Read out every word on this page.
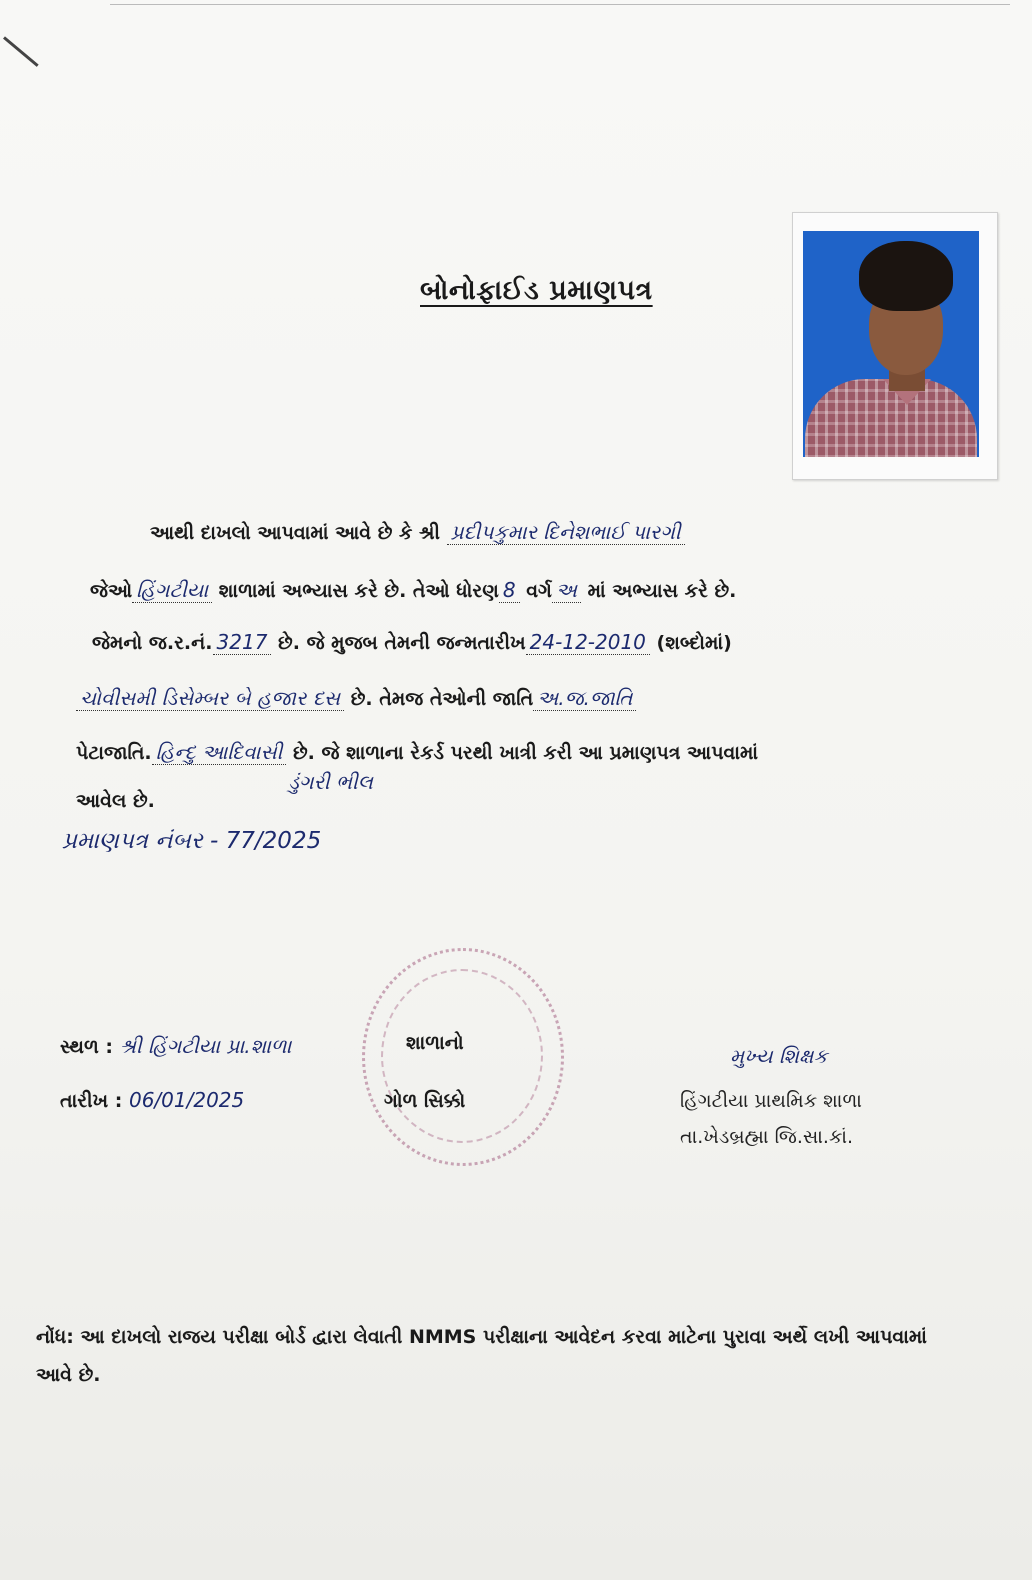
બોનોફાઈડ પ્રમાણપત્ર
આથી દાખલો આપવામાં આવે છે કે શ્રી પ્રદીપકુમાર દિનેશભાઈ પારગી
જેઓ હિંગટીયા શાળામાં અભ્યાસ કરે છે. તેઓ ધોરણ 8 વર્ગ અ માં અભ્યાસ કરે છે.
જેમનો જ.ર.નં. 3217 છે. જે મુજબ તેમની જન્મતારીખ 24-12-2010 (શબ્દોમાં)
ચોવીસમી ડિસેમ્બર બે હજાર દસ છે. તેમજ તેઓની જાતિ અ.જ.જાતિ
પેટાજાતિ. હિન્દુ આદિવાસી છે. જે શાળાના રેકર્ડ પરથી ખાત્રી કરી આ પ્રમાણપત્ર આપવામાં
ડુંગરી ભીલ
આવેલ છે.
પ્રમાણપત્ર નંબર - 77/2025
શાળાનો
ગોળ સિક્કો
સ્થળ : શ્રી હિંગટીયા પ્રા.શાળા
તારીખ : 06/01/2025
મુખ્ય શિક્ષક
હિંગટીયા પ્રાથમિક શાળા
તા.ખેડબ્રહ્મા જિ.સા.કાં.
નોંધ: આ દાખલો રાજય પરીક્ષા બોર્ડ દ્વારા લેવાતી NMMS પરીક્ષાના આવેદન કરવા માટેના પુરાવા અર્થે લખી આપવામાં આવે છે.
